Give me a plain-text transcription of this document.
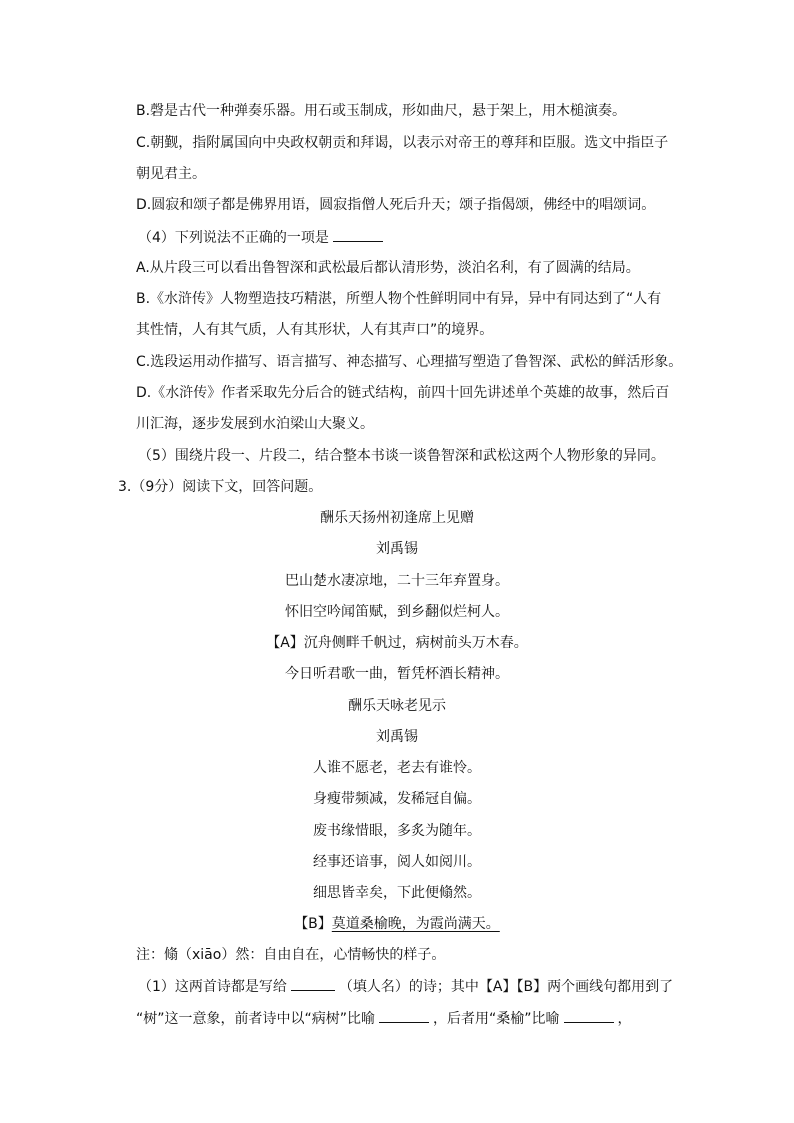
B.磬是古代一种弹奏乐器。用石或玉制成，形如曲尺，悬于架上，用木槌演奏。
C.朝觐，指附属国向中央政权朝贡和拜谒，以表示对帝王的尊拜和臣服。选文中指臣子
朝见君主。
D.圆寂和颂子都是佛界用语，圆寂指僧人死后升天；颂子指偈颂，佛经中的唱颂词。
（4）下列说法不正确的一项是
A.从片段三可以看出鲁智深和武松最后都认清形势，淡泊名利，有了圆满的结局。
B.《水浒传》人物塑造技巧精湛，所塑人物个性鲜明同中有异，异中有同达到了“人有
其性情，人有其气质，人有其形状，人有其声口”的境界。
C.选段运用动作描写、语言描写、神态描写、心理描写塑造了鲁智深、武松的鲜活形象。
D.《水浒传》作者采取先分后合的链式结构，前四十回先讲述单个英雄的故事，然后百
川汇海，逐步发展到水泊梁山大聚义。
（5）围绕片段一、片段二，结合整本书谈一谈鲁智深和武松这两个人物形象的异同。
3.（9分）阅读下文，回答问题。
酬乐天扬州初逢席上见赠
刘禹锡
巴山楚水凄凉地，二十三年弃置身。
怀旧空吟闻笛赋，到乡翻似烂柯人。
【A】沉舟侧畔千帆过，病树前头万木春。
今日听君歌一曲，暂凭杯酒长精神。
酬乐天咏老见示
刘禹锡
人谁不愿老，老去有谁怜。
身瘦带频减，发稀冠自偏。
废书缘惜眼，多炙为随年。
经事还谙事，阅人如阅川。
细思皆幸矣，下此便翛然。
【B】莫道桑榆晚，为霞尚满天。
注：翛（xiāo）然：自由自在，心情畅快的样子。
（1）这两首诗都是写给	（填人名）的诗；其中【A】【B】两个画线句都用到了
“树”这一意象，前者诗中以“病树”比喻	，后者用“桑榆”比喻	，
